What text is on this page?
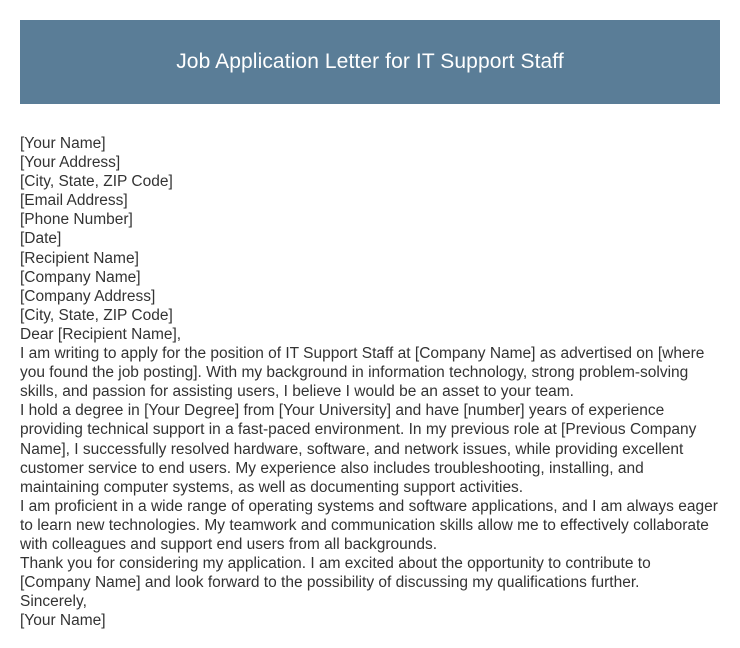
Job Application Letter for IT Support Staff

[Your Name]

[Your Address]

[City, State, ZIP Code]

[Email Address]

[Phone Number]

[Date]

[Recipient Name]

[Company Name]

[Company Address]

[City, State, ZIP Code]

Dear [Recipient Name],

I am writing to apply for the position of IT Support Staff at [Company Name] as advertised on [where you found the job posting]. With my background in information technology, strong problem-solving skills, and passion for assisting users, I believe I would be an asset to your team.

I hold a degree in [Your Degree] from [Your University] and have [number] years of experience providing technical support in a fast-paced environment. In my previous role at [Previous Company Name], I successfully resolved hardware, software, and network issues, while providing excellent customer service to end users. My experience also includes troubleshooting, installing, and maintaining computer systems, as well as documenting support activities.

I am proficient in a wide range of operating systems and software applications, and I am always eager to learn new technologies. My teamwork and communication skills allow me to effectively collaborate with colleagues and support end users from all backgrounds.

Thank you for considering my application. I am excited about the opportunity to contribute to [Company Name] and look forward to the possibility of discussing my qualifications further.

Sincerely,

[Your Name]
